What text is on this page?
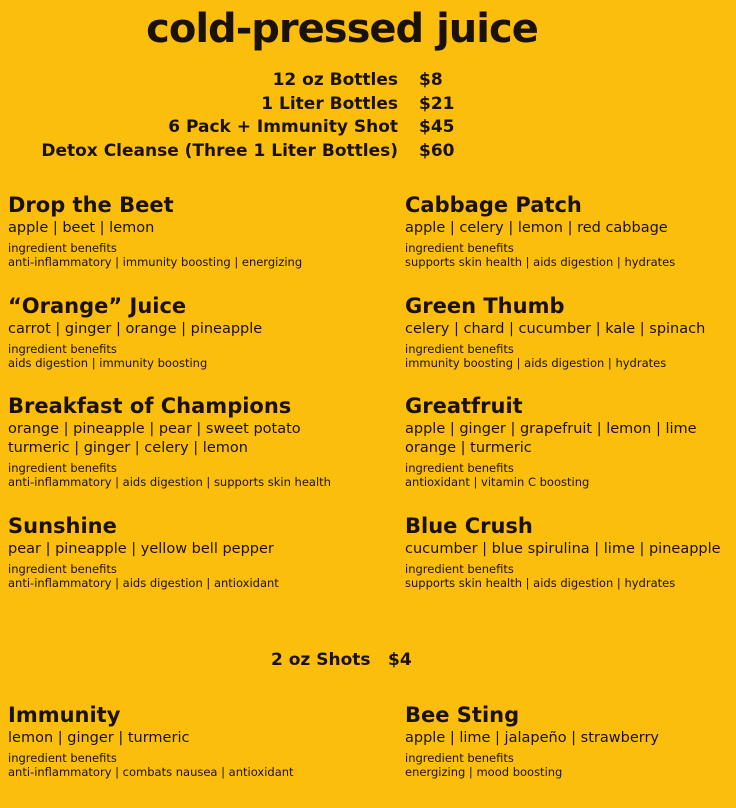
cold-pressed juice
12 oz Bottles $8
1 Liter Bottles $21
6 Pack + Immunity Shot $45
Detox Cleanse (Three 1 Liter Bottles) $60
Drop the Beet
apple | beet | lemon
ingredient benefits
anti-inflammatory | immunity boosting | energizing
Cabbage Patch
apple | celery | lemon | red cabbage
ingredient benefits
supports skin health | aids digestion | hydrates
“Orange” Juice
carrot | ginger | orange | pineapple
ingredient benefits
aids digestion | immunity boosting
Green Thumb
celery | chard | cucumber | kale | spinach
ingredient benefits
immunity boosting | aids digestion | hydrates
Breakfast of Champions
orange | pineapple | pear | sweet potato
turmeric | ginger | celery | lemon
ingredient benefits
anti-inflammatory | aids digestion | supports skin health
Greatfruit
apple | ginger | grapefruit | lemon | lime
orange | turmeric
ingredient benefits
antioxidant | vitamin C boosting
Sunshine
pear | pineapple | yellow bell pepper
ingredient benefits
anti-inflammatory | aids digestion | antioxidant
Blue Crush
cucumber | blue spirulina | lime | pineapple
ingredient benefits
supports skin health | aids digestion | hydrates
2 oz Shots $4
Immunity
lemon | ginger | turmeric
ingredient benefits
anti-inflammatory | combats nausea | antioxidant
Bee Sting
apple | lime | jalapeño | strawberry
ingredient benefits
energizing | mood boosting
